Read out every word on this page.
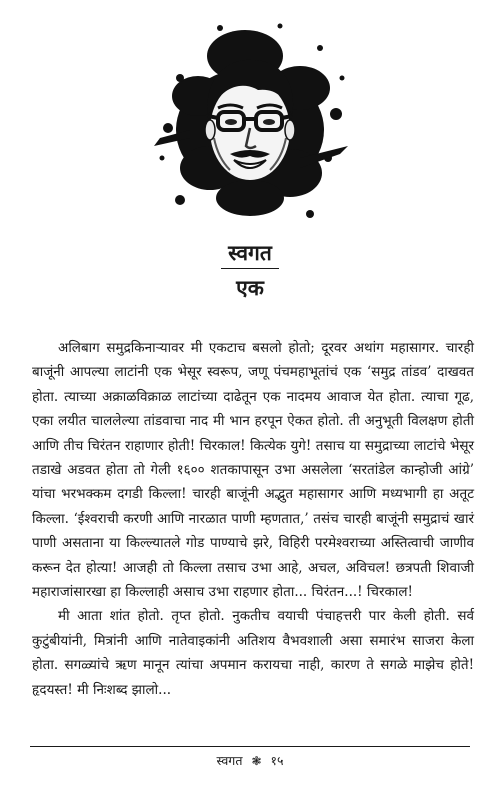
स्वगत
एक

अलिबाग समुद्रकिनाऱ्यावर मी एकटाच बसलो होतो; दूरवर अथांग महासागर. चारही बाजूंनी आपल्या लाटांनी एक भेसूर स्वरूप, जणू पंचमहाभूतांचं एक ‘समुद्र तांडव’ दाखवत होता. त्याच्या अक्राळविक्राळ लाटांच्या दाढेतून एक नादमय आवाज येत होता. त्याचा गूढ, एका लयीत चाललेल्या तांडवाचा नाद मी भान हरपून ऐकत होतो. ती अनुभूती विलक्षण होती आणि तीच चिरंतन राहाणार होती! चिरकाल! कित्येक युगे! तसाच या समुद्राच्या लाटांचे भेसूर तडाखे अडवत होता तो गेली १६०० शतकापासून उभा असलेला ‘सरतांडेल कान्होजी आंग्रे’ यांचा भरभक्कम दगडी किल्ला! चारही बाजूंनी अद्भुत महासागर आणि मध्यभागी हा अतूट किल्ला. ‘ईश्वराची करणी आणि नारळात पाणी म्हणतात,’ तसंच चारही बाजूंनी समुद्राचं खारं पाणी असताना या किल्ल्यातले गोड पाण्याचे झरे, विहिरी परमेश्वराच्या अस्तित्वाची जाणीव करून देत होत्या! आजही तो किल्ला तसाच उभा आहे, अचल, अविचल! छत्रपती शिवाजी महाराजांसारखा हा किल्लाही असाच उभा राहणार होता... चिरंतन...! चिरकाल!

मी आता शांत होतो. तृप्त होतो. नुकतीच वयाची पंचाहत्तरी पार केली होती. सर्व कुटुंबीयांनी, मित्रांनी आणि नातेवाइकांनी अतिशय वैभवशाली असा समारंभ साजरा केला होता. सगळ्यांचे ऋण मानून त्यांचा अपमान करायचा नाही, कारण ते सगळे माझेच होते! हृदयस्त! मी निःशब्द झालो...

स्वगत ❃ १५
